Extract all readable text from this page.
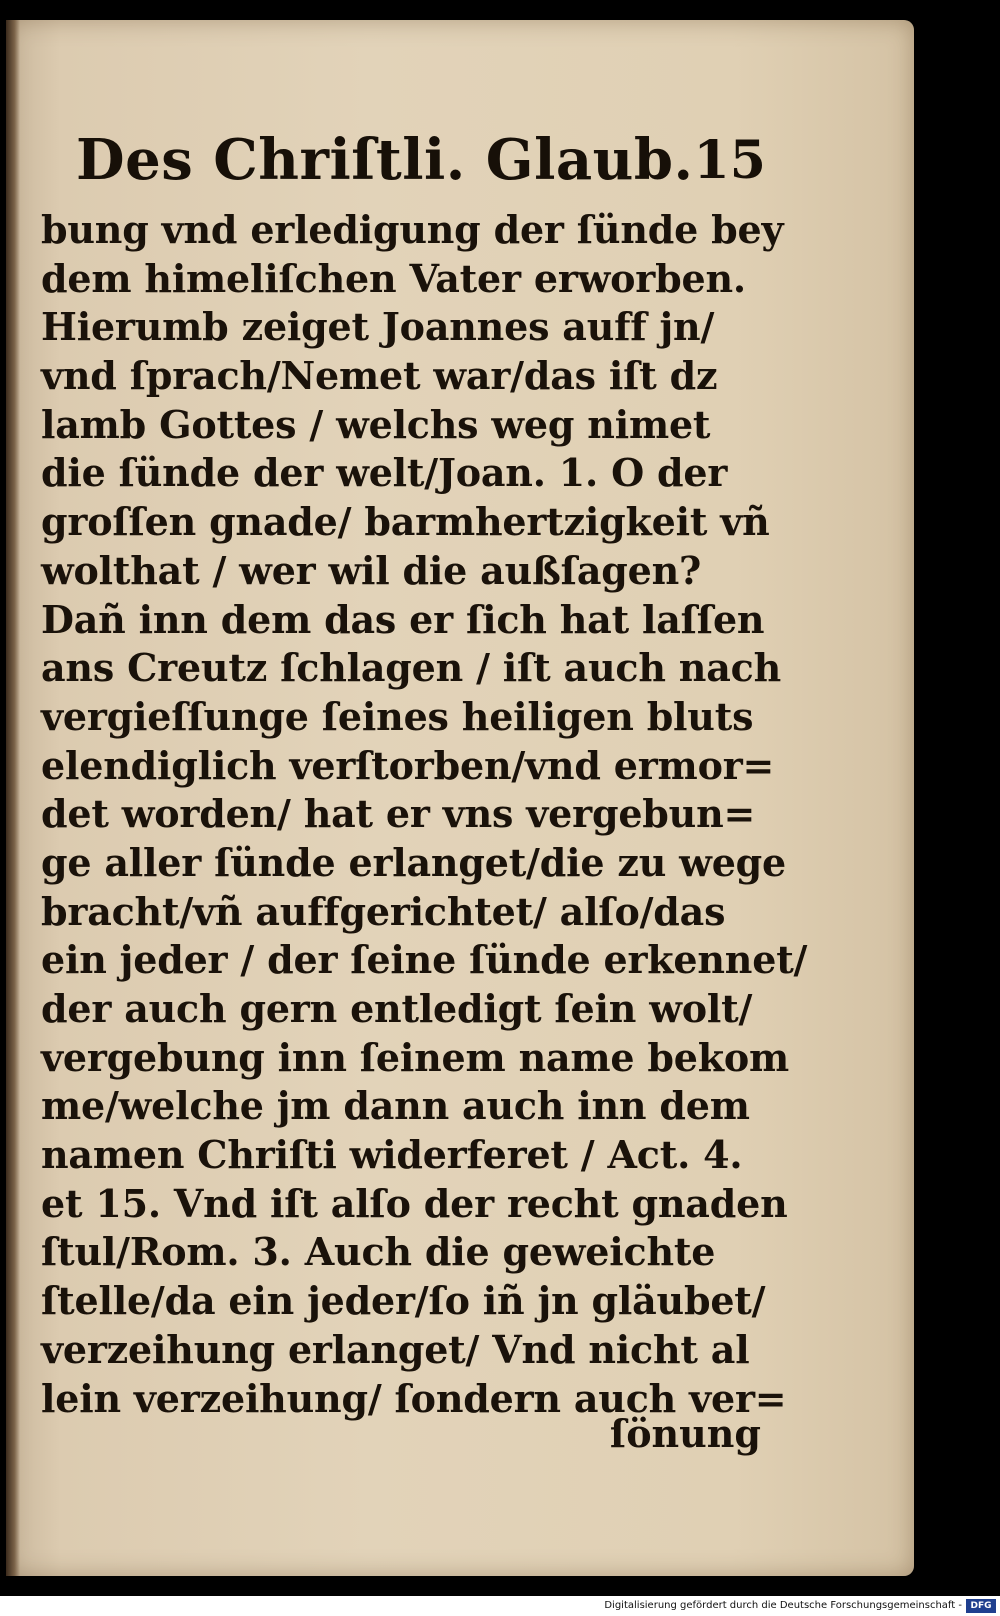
Des Chriſtli. Glaub. 15
bung vnd erledigung der ſünde bey
dem himeliſchen Vater erworben.
Hierumb zeiget Joannes auff jn/
vnd ſprach/Nemet war/das iſt dz
lamb Gottes / welchs weg nimet
die ſünde der welt/Joan. 1. O der
groſſen gnade/ barmhertzigkeit vñ
wolthat / wer wil die außſagen?
Dañ inn dem das er ſich hat laſſen
ans Creutz ſchlagen / iſt auch nach
vergieſſunge ſeines heiligen bluts
elendiglich verſtorben/vnd ermor=
det worden/ hat er vns vergebun=
ge aller ſünde erlanget/die zu wege
bracht/vñ auffgerichtet/ alſo/das
ein jeder / der ſeine ſünde erkennet/
der auch gern entledigt ſein wolt/
vergebung inn ſeinem name bekom
me/welche jm dann auch inn dem
namen Chriſti widerferet / Act. 4.
et 15. Vnd iſt alſo der recht gnaden
ſtul/Rom. 3. Auch die geweichte
ſtelle/da ein jeder/ſo iñ jn gläubet/
verzeihung erlanget/ Vnd nicht al
lein verzeihung/ ſondern auch ver=
ſönung
Digitalisierung gefördert durch die Deutsche Forschungsgemeinschaft - DFG
